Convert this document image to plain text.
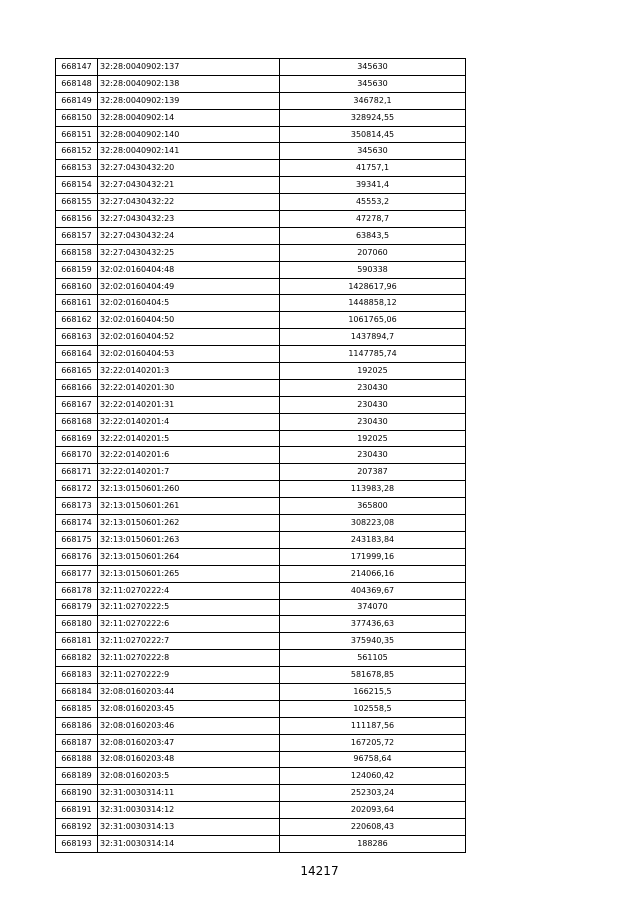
668147	32:28:0040902:137	345630
668148	32:28:0040902:138	345630
668149	32:28:0040902:139	346782,1
668150	32:28:0040902:14	328924,55
668151	32:28:0040902:140	350814,45
668152	32:28:0040902:141	345630
668153	32:27:0430432:20	41757,1
668154	32:27:0430432:21	39341,4
668155	32:27:0430432:22	45553,2
668156	32:27:0430432:23	47278,7
668157	32:27:0430432:24	63843,5
668158	32:27:0430432:25	207060
668159	32:02:0160404:48	590338
668160	32:02:0160404:49	1428617,96
668161	32:02:0160404:5	1448858,12
668162	32:02:0160404:50	1061765,06
668163	32:02:0160404:52	1437894,7
668164	32:02:0160404:53	1147785,74
668165	32:22:0140201:3	192025
668166	32:22:0140201:30	230430
668167	32:22:0140201:31	230430
668168	32:22:0140201:4	230430
668169	32:22:0140201:5	192025
668170	32:22:0140201:6	230430
668171	32:22:0140201:7	207387
668172	32:13:0150601:260	113983,28
668173	32:13:0150601:261	365800
668174	32:13:0150601:262	308223,08
668175	32:13:0150601:263	243183,84
668176	32:13:0150601:264	171999,16
668177	32:13:0150601:265	214066,16
668178	32:11:0270222:4	404369,67
668179	32:11:0270222:5	374070
668180	32:11:0270222:6	377436,63
668181	32:11:0270222:7	375940,35
668182	32:11:0270222:8	561105
668183	32:11:0270222:9	581678,85
668184	32:08:0160203:44	166215,5
668185	32:08:0160203:45	102558,5
668186	32:08:0160203:46	111187,56
668187	32:08:0160203:47	167205,72
668188	32:08:0160203:48	96758,64
668189	32:08:0160203:5	124060,42
668190	32:31:0030314:11	252303,24
668191	32:31:0030314:12	202093,64
668192	32:31:0030314:13	220608,43
668193	32:31:0030314:14	188286
14217
